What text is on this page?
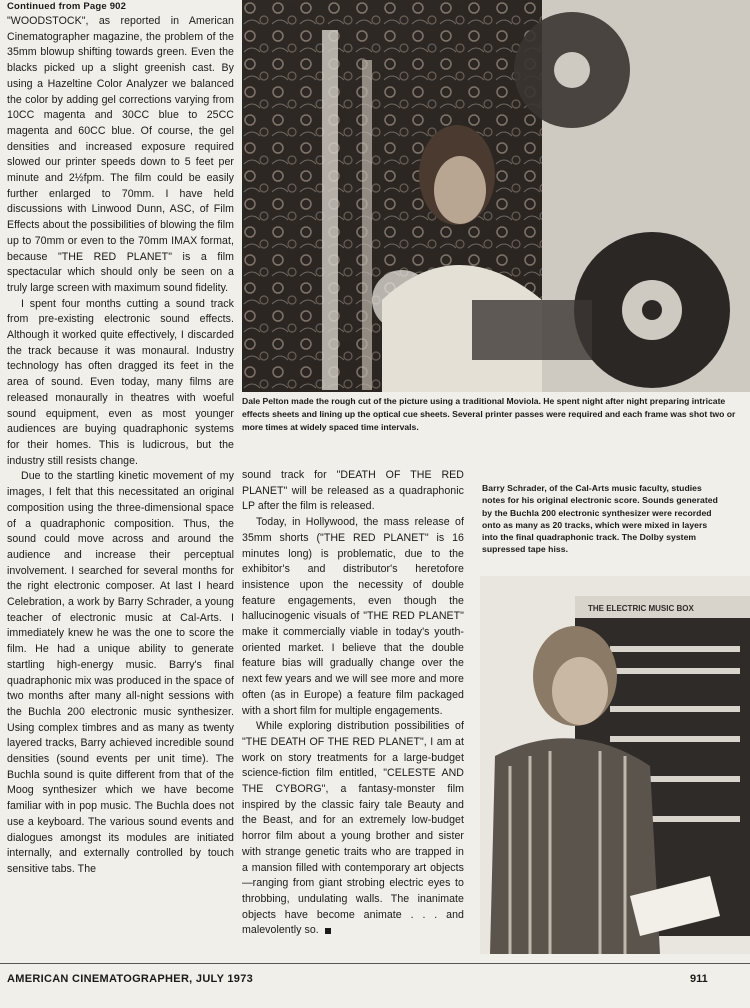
Continued from Page 902

"WOODSTOCK", as reported in American Cinematographer magazine, the problem of the 35mm blowup shifting towards green. Even the blacks picked up a slight greenish cast. By using a Hazeltine Color Analyzer we balanced the color by adding gel corrections varying from 10CC magenta and 30CC blue to 25CC magenta and 60CC blue. Of course, the gel densities and increased exposure required slowed our printer speeds down to 5 feet per minute and 2½fpm. The film could be easily further enlarged to 70mm. I have held discussions with Linwood Dunn, ASC, of Film Effects about the possibilities of blowing the film up to 70mm or even to the 70mm IMAX format, because "THE RED PLANET" is a film spectacular which should only be seen on a truly large screen with maximum sound fidelity.

I spent four months cutting a sound track from pre-existing electronic sound effects. Although it worked quite effectively, I discarded the track because it was monaural. Industry technology has often dragged its feet in the area of sound. Even today, many films are released monaurally in theatres with woeful sound equipment, even as most younger audiences are buying quadraphonic systems for their homes. This is ludicrous, but the industry still resists change.

Due to the startling kinetic movement of my images, I felt that this necessitated an original composition using the three-dimensional space of a quadraphonic composition. Thus, the sound could move across and around the audience and increase their perceptual involvement. I searched for several months for the right electronic composer. At last I heard Celebration, a work by Barry Schrader, a young teacher of electronic music at Cal-Arts. I immediately knew he was the one to score the film. He had a unique ability to generate startling high-energy music. Barry's final quadraphonic mix was produced in the space of two months after many all-night sessions with the Buchla 200 electronic music synthesizer. Using complex timbres and as many as twenty layered tracks, Barry achieved incredible sound densities (sound events per unit time). The Buchla sound is quite different from that of the Moog synthesizer which we have become familiar with in pop music. The Buchla does not use a keyboard. The various sound events and dialogues amongst its modules are initiated internally, and externally controlled by touch sensitive tabs. The

Dale Pelton made the rough cut of the picture using a traditional Moviola. He spent night after night preparing intricate effects sheets and lining up the optical cue sheets. Several printer passes were required and each frame was shot two or more times at widely spaced time intervals.

sound track for "DEATH OF THE RED PLANET" will be released as a quadraphonic LP after the film is released.

Today, in Hollywood, the mass release of 35mm shorts ("THE RED PLANET" is 16 minutes long) is problematic, due to the exhibitor's and distributor's heretofore insistence upon the necessity of double feature engagements, even though the hallucinogenic visuals of "THE RED PLANET" make it commercially viable in today's youth-oriented market. I believe that the double feature bias will gradually change over the next few years and we will see more and more often (as in Europe) a feature film packaged with a short film for multiple engagements.

While exploring distribution possibilities of "THE DEATH OF THE RED PLANET", I am at work on story treatments for a large-budget science-fiction film entitled, "CELESTE AND THE CYBORG", a fantasy-monster film inspired by the classic fairy tale Beauty and the Beast, and for an extremely low-budget horror film about a young brother and sister with strange genetic traits who are trapped in a mansion filled with contemporary art objects—ranging from giant strobing electric eyes to throbbing, undulating walls. The inanimate objects have become animate . . . and malevolently so.

Barry Schrader, of the Cal-Arts music faculty, studies notes for his original electronic score. Sounds generated by the Buchla 200 electronic synthesizer were recorded onto as many as 20 tracks, which were mixed in layers into the final quadraphonic track. The Dolby system supressed tape hiss.
THE ELECTRIC MUSIC BOX
AMERICAN CINEMATOGRAPHER, JULY 1973	911
